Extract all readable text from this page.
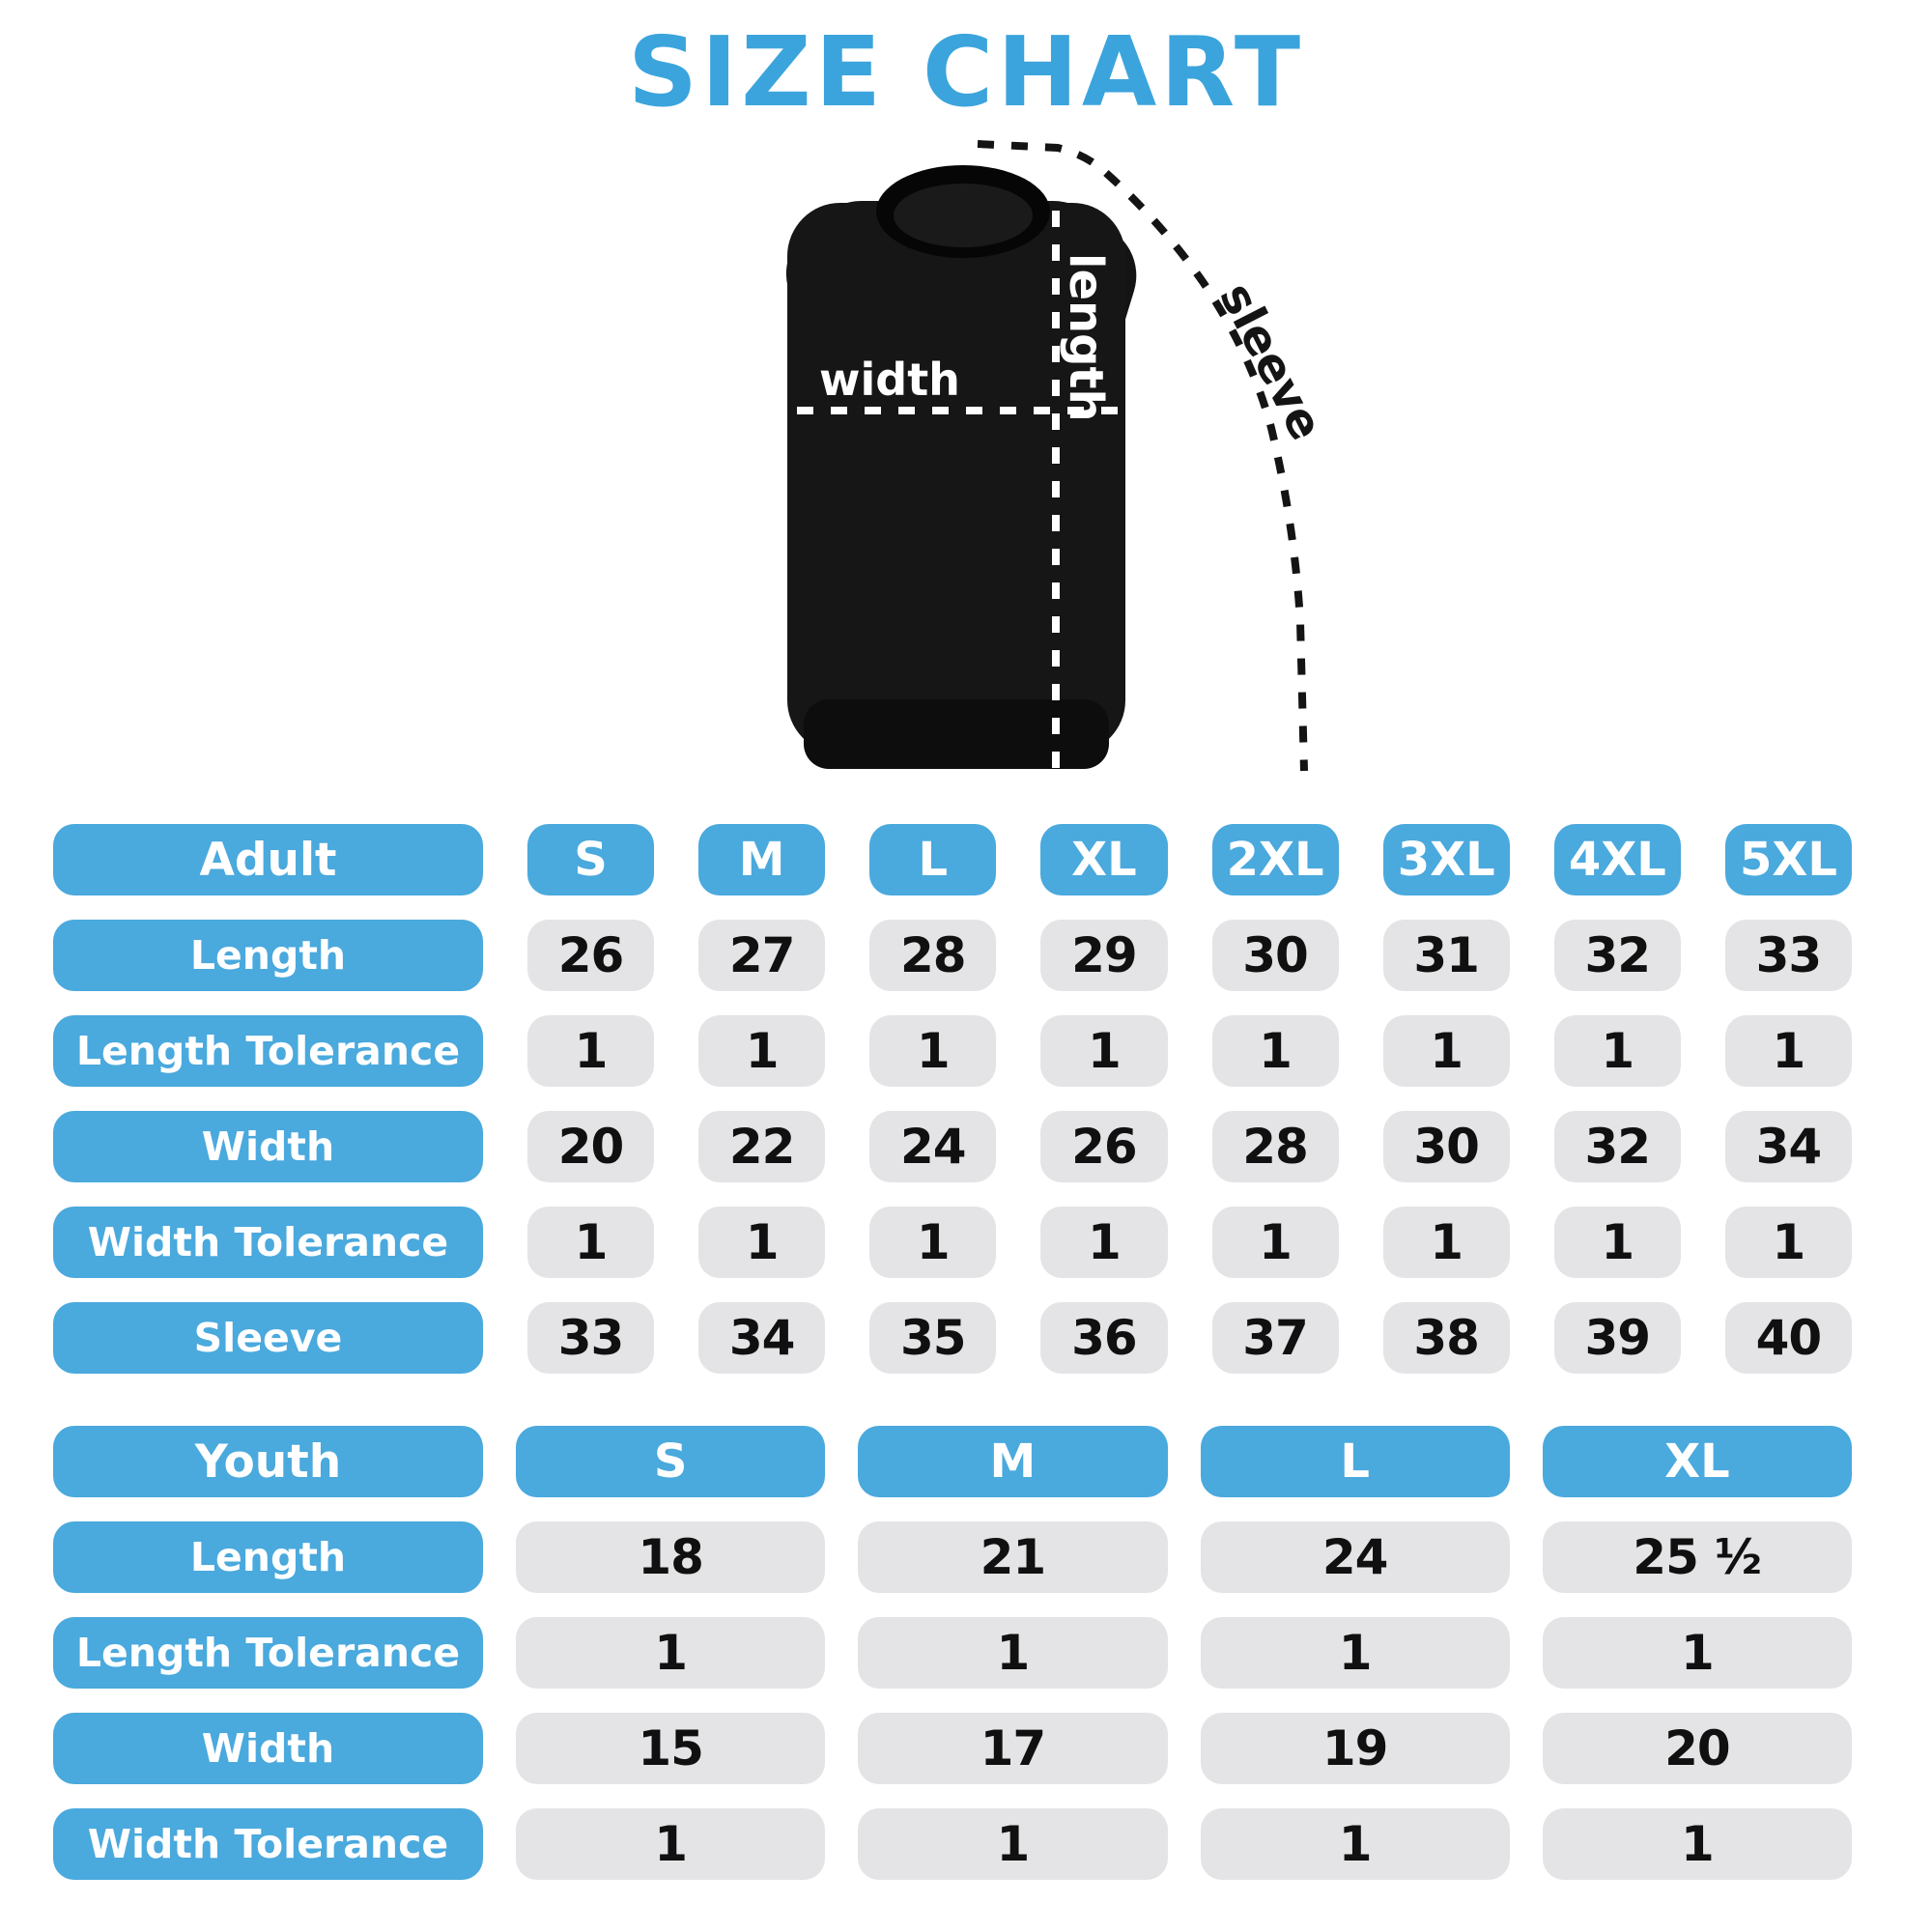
SIZE CHART
width length sleeve
Adult	S	M	L	XL	2XL	3XL	4XL	5XL
Length	26	27	28	29	30	31	32	33
Length Tolerance	1	1	1	1	1	1	1	1
Width	20	22	24	26	28	30	32	34
Width Tolerance	1	1	1	1	1	1	1	1
Sleeve	33	34	35	36	37	38	39	40
Youth	S	M	L	XL
Length	18	21	24	25 ¹⁄₂
Length Tolerance	1	1	1	1
Width	15	17	19	20
Width Tolerance	1	1	1	1
